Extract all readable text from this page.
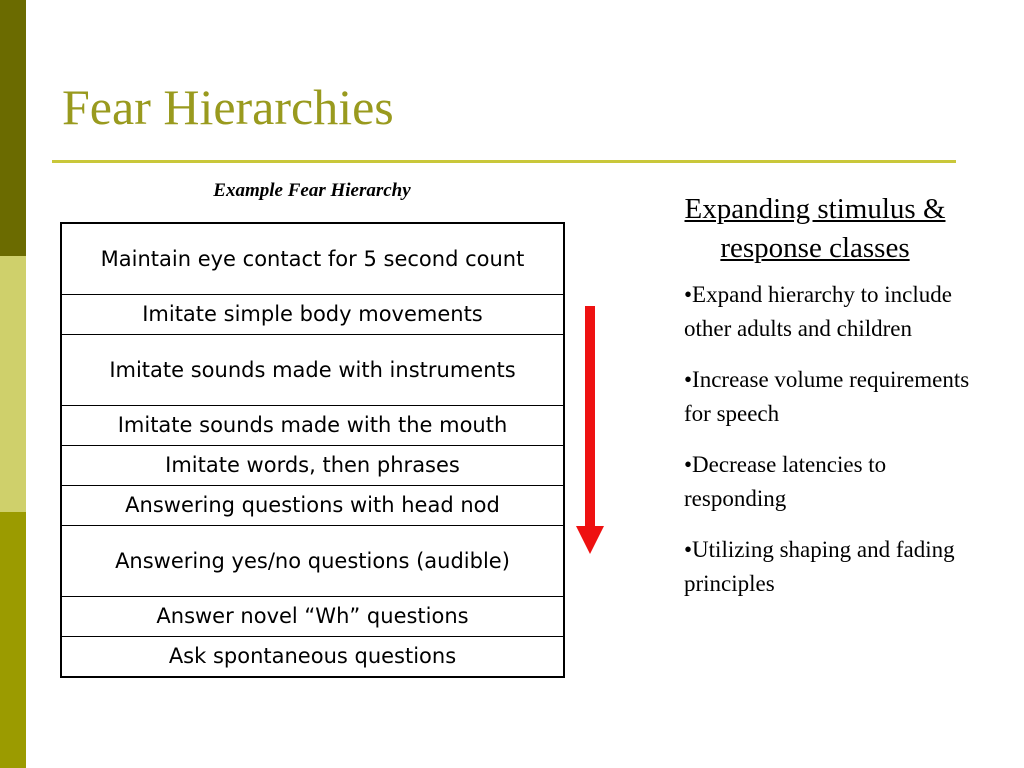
Fear Hierarchies
Example Fear Hierarchy
Maintain eye contact for 5 second count
Imitate simple body movements
Imitate sounds made with instruments
Imitate sounds made with the mouth
Imitate words, then phrases
Answering questions with head nod
Answering yes/no questions (audible)
Answer novel “Wh” questions
Ask spontaneous questions
Expanding stimulus & response classes
•Expand hierarchy to include other adults and children
•Increase volume requirements for speech
•Decrease latencies to responding
•Utilizing shaping and fading principles
